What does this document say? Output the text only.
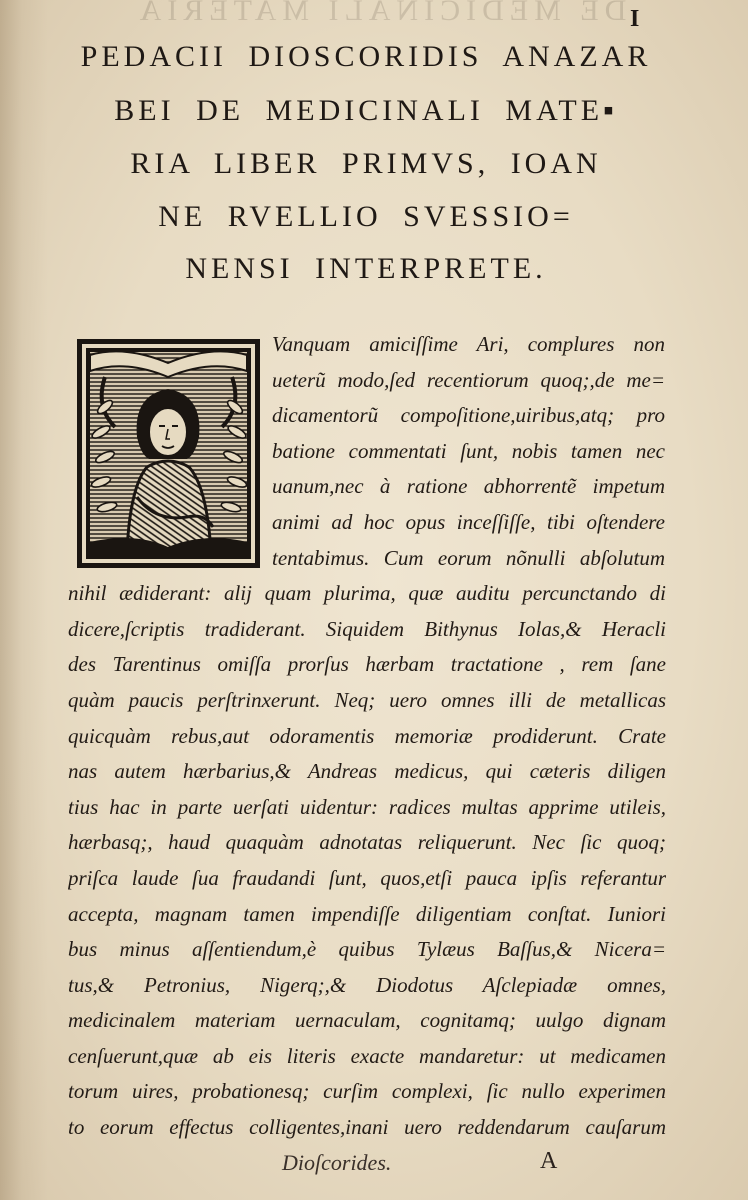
DE MEDICINALI MATERIA I
PEDACII DIOSCORIDIS ANAZAR
BEI DE MEDICINALI MATE▪
RIA LIBER PRIMVS, IOAN
NE RVELLIO SVESSIO=
NENSI INTERPRETE.
Vanquam amiciſſime Ari, complures non
ueterũ modo,ſed recentiorum quoq;,de me=
dicamentorũ compoſitione,uiribus,atq; pro
batione commentati ſunt, nobis tamen nec
uanum,nec à ratione abhorrentẽ impetum
animi ad hoc opus inceſſiſſe, tibi oſtendere
tentabimus. Cum eorum nõnulli abſolutum
nihil ædiderant: alij quam plurima, quæ auditu percunctando di
dicere,ſcriptis tradiderant. Siquidem Bithynus Iolas,& Heracli
des Tarentinus omiſſa prorſus hærbam tractatione , rem ſane
quàm paucis perſtrinxerunt. Neq; uero omnes illi de metallicas
quicquàm rebus,aut odoramentis memoriæ prodiderunt. Crate
nas autem hærbarius,& Andreas medicus, qui cæteris diligen
tius hac in parte uerſati uidentur: radices multas apprime utileis,
hærbasq;, haud quaquàm adnotatas reliquerunt. Nec ſic quoq;
priſca laude ſua fraudandi ſunt, quos,etſi pauca ipſis referantur
accepta, magnam tamen impendiſſe diligentiam conſtat. Iuniori
bus minus aſſentiendum,è quibus Tylæus Baſſus,& Nicera=
tus,& Petronius, Nigerq;,& Diodotus Aſclepiadæ omnes,
medicinalem materiam uernaculam, cognitamq; uulgo dignam
cenſuerunt,quæ ab eis literis exacte mandaretur: ut medicamen
torum uires, probationesq; curſim complexi, ſic nullo experimen
to eorum effectus colligentes,inani uero reddendarum cauſarum
Dioſcorides.	A
